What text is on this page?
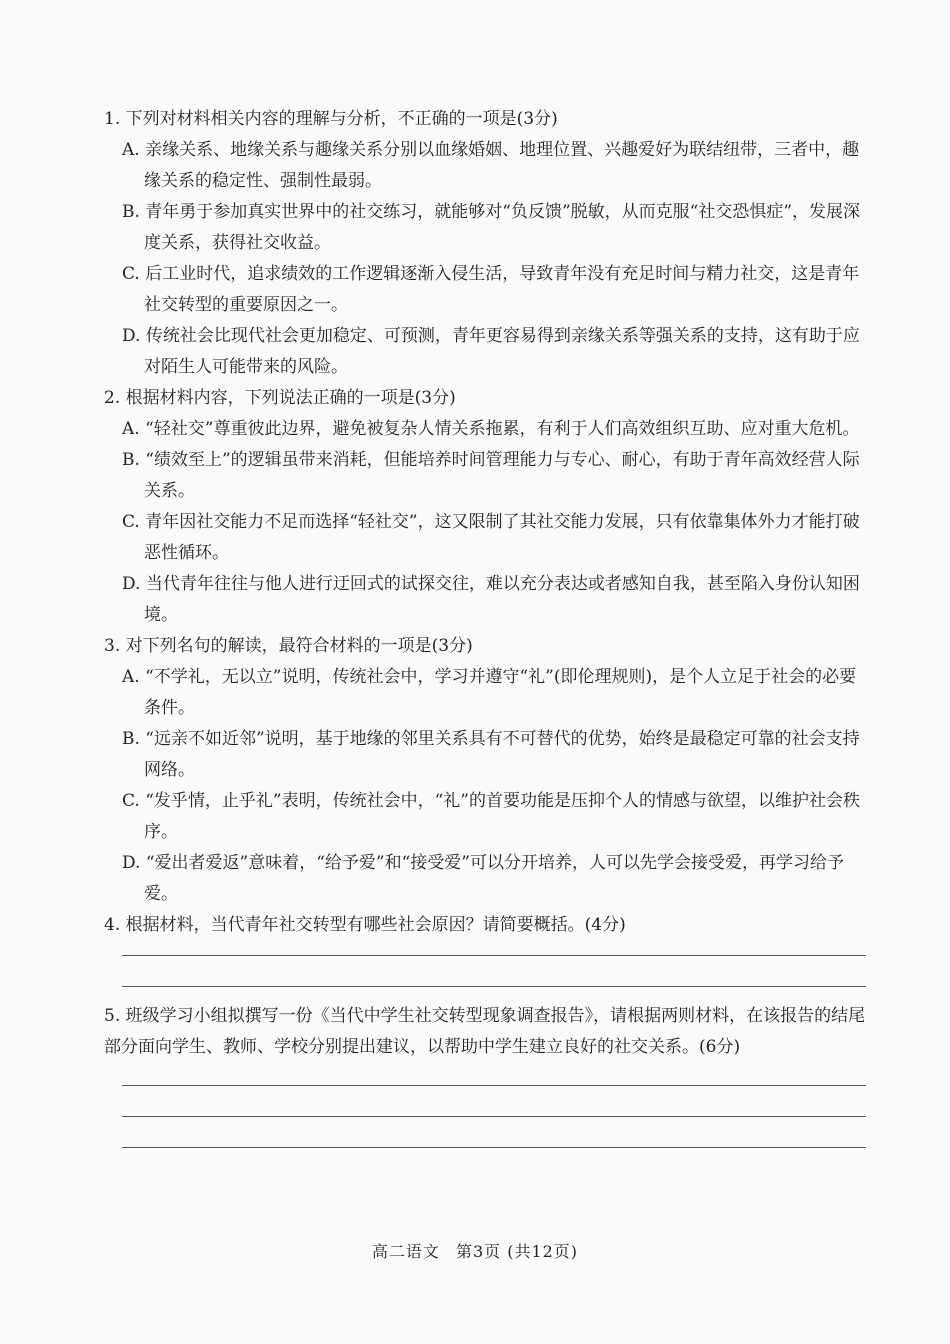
1. 下列对材料相关内容的理解与分析，不正确的一项是(3分)

A. 亲缘关系、地缘关系与趣缘关系分别以血缘婚姻、地理位置、兴趣爱好为联结纽带，三者中，趣缘关系的稳定性、强制性最弱。

B. 青年勇于参加真实世界中的社交练习，就能够对“负反馈”脱敏，从而克服“社交恐惧症”，发展深度关系，获得社交收益。

C. 后工业时代，追求绩效的工作逻辑逐渐入侵生活，导致青年没有充足时间与精力社交，这是青年社交转型的重要原因之一。

D. 传统社会比现代社会更加稳定、可预测，青年更容易得到亲缘关系等强关系的支持，这有助于应对陌生人可能带来的风险。

2. 根据材料内容，下列说法正确的一项是(3分)

A. “轻社交”尊重彼此边界，避免被复杂人情关系拖累，有利于人们高效组织互助、应对重大危机。

B. “绩效至上”的逻辑虽带来消耗，但能培养时间管理能力与专心、耐心，有助于青年高效经营人际关系。

C. 青年因社交能力不足而选择“轻社交”，这又限制了其社交能力发展，只有依靠集体外力才能打破恶性循环。

D. 当代青年往往与他人进行迂回式的试探交往，难以充分表达或者感知自我，甚至陷入身份认知困境。

3. 对下列名句的解读，最符合材料的一项是(3分)

A. “不学礼，无以立”说明，传统社会中，学习并遵守“礼”(即伦理规则)，是个人立足于社会的必要条件。

B. “远亲不如近邻”说明，基于地缘的邻里关系具有不可替代的优势，始终是最稳定可靠的社会支持网络。

C. “发乎情，止乎礼”表明，传统社会中，“礼”的首要功能是压抑个人的情感与欲望，以维护社会秩序。

D. “爱出者爱返”意味着，“给予爱”和“接受爱”可以分开培养，人可以先学会接受爱，再学习给予爱。

4. 根据材料，当代青年社交转型有哪些社会原因？请简要概括。(4分)

5. 班级学习小组拟撰写一份《当代中学生社交转型现象调查报告》，请根据两则材料，在该报告的结尾部分面向学生、教师、学校分别提出建议，以帮助中学生建立良好的社交关系。(6分)

高二语文 第3页 (共12页)
